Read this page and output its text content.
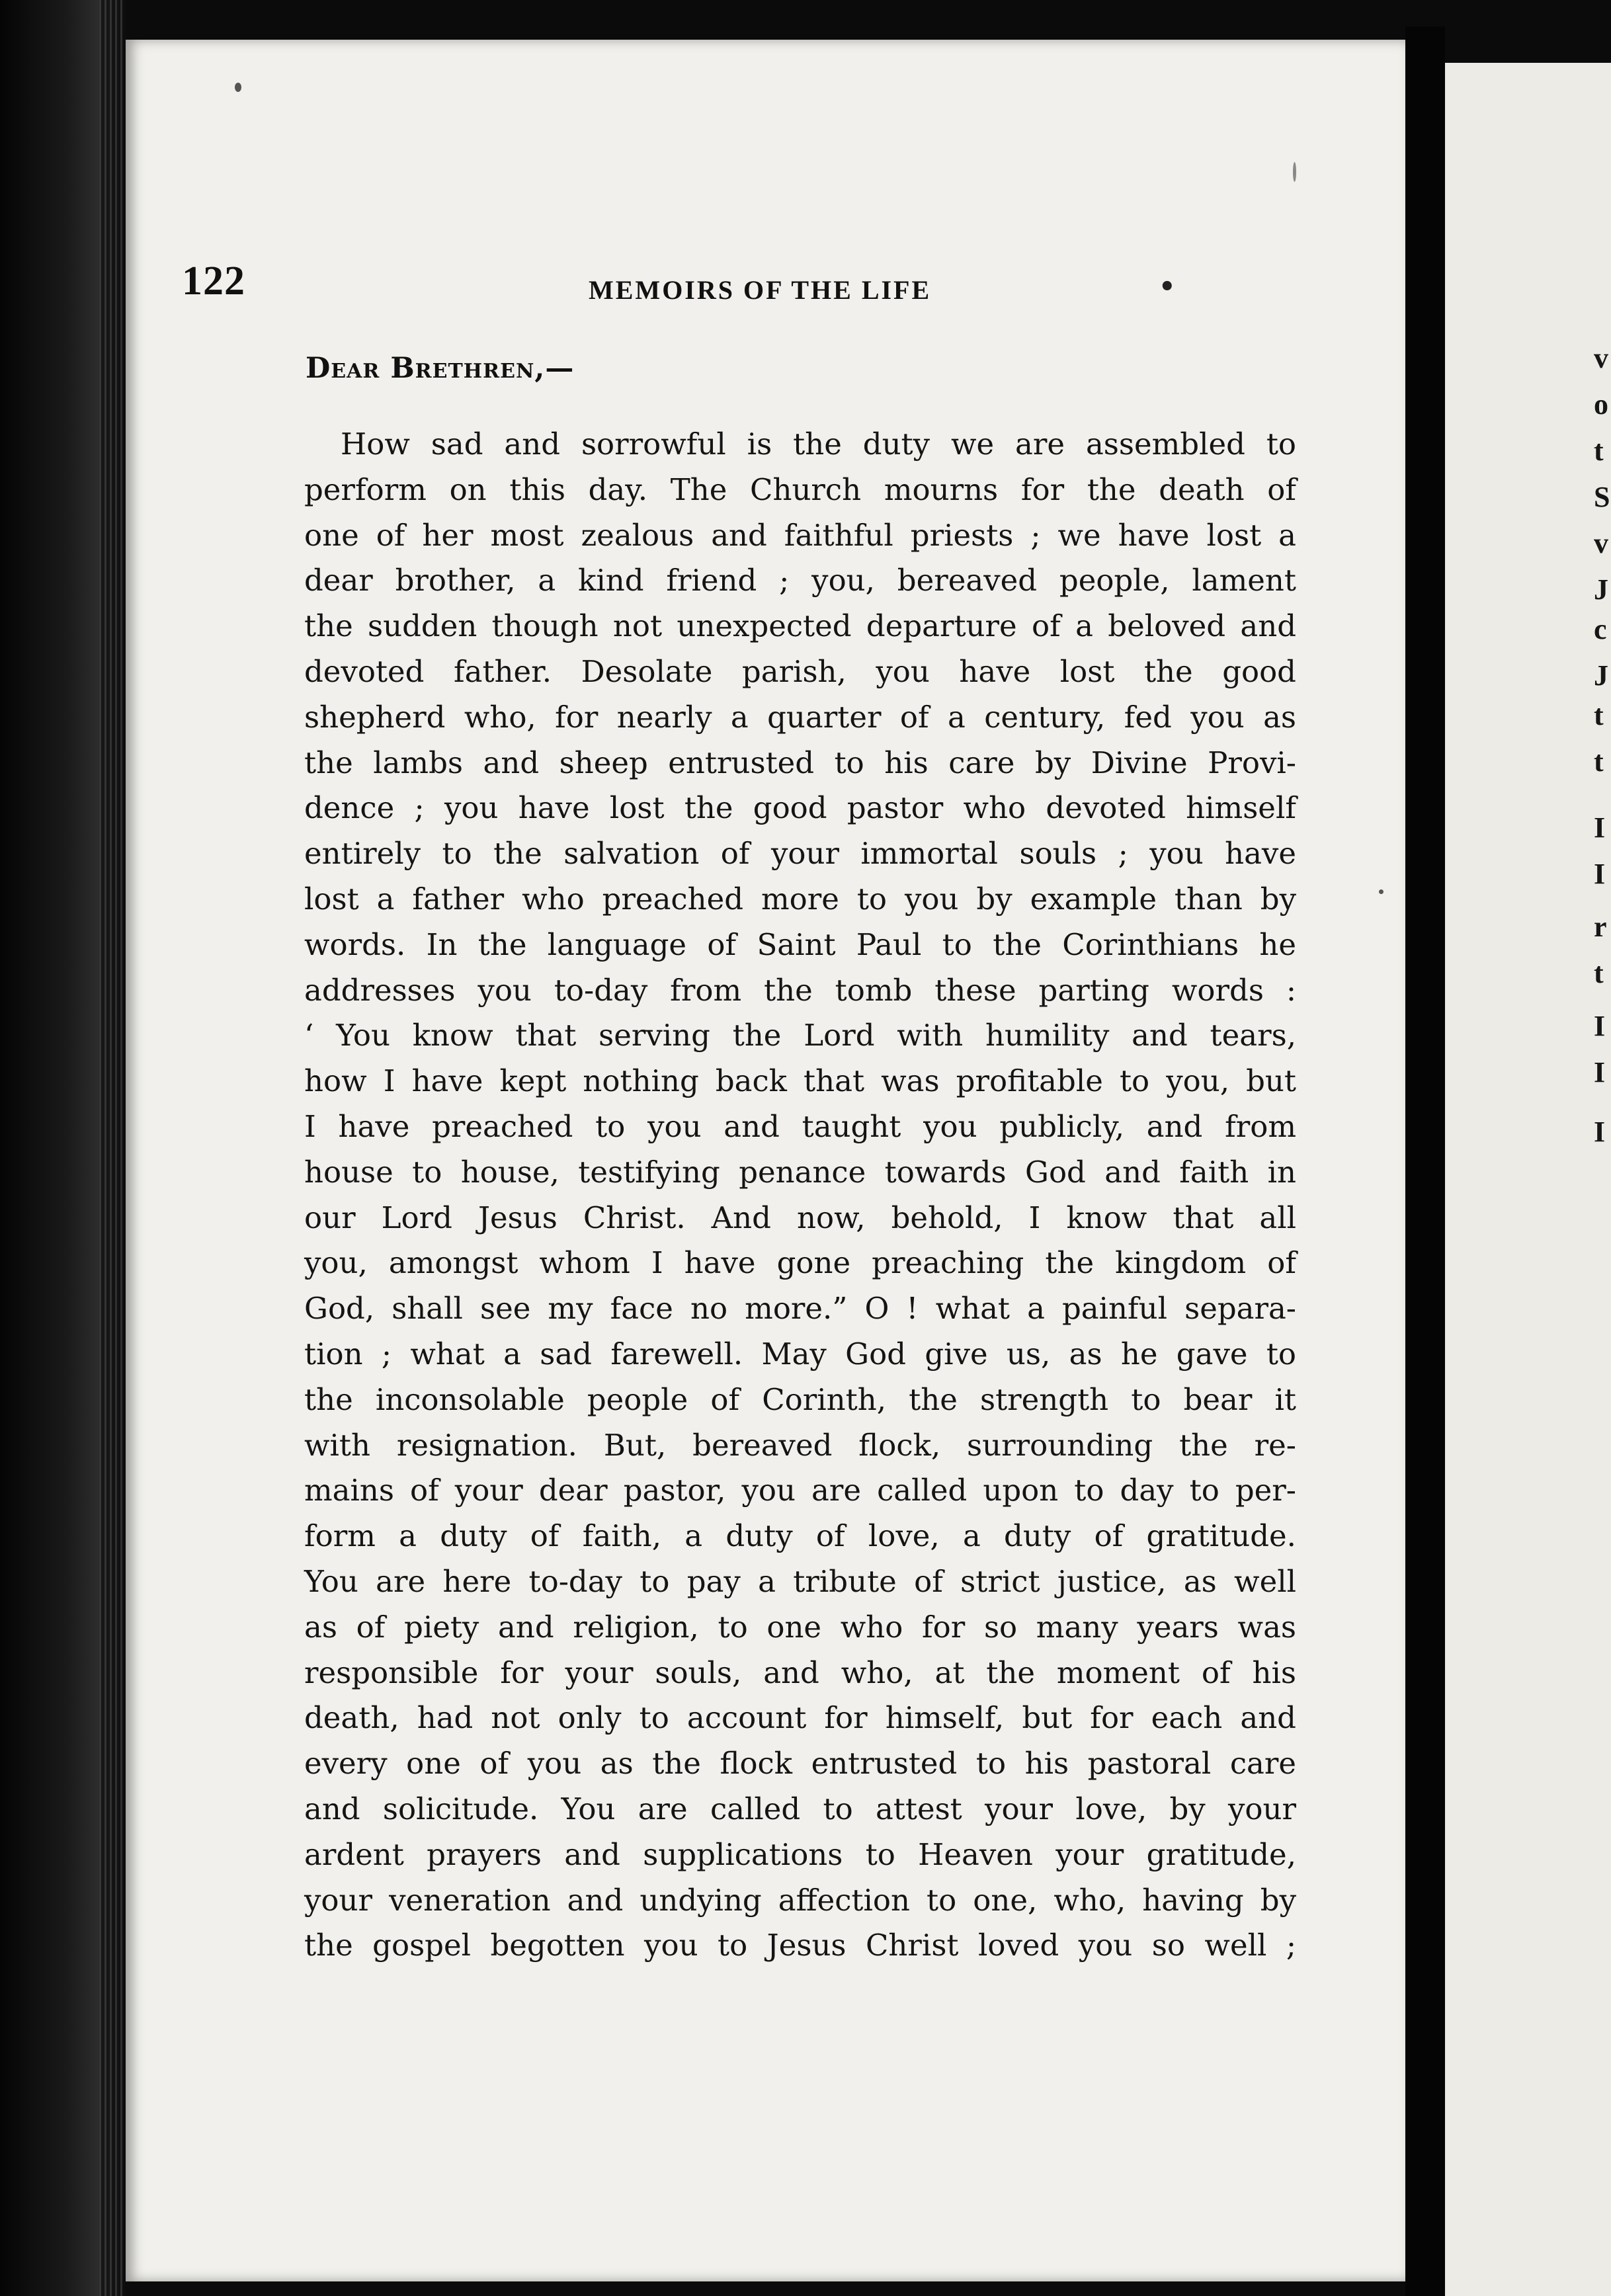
122	MEMOIRS OF THE LIFE	•
Dear Brethren,—
How sad and sorrowful is the duty we are assembled to
perform on this day. The Church mourns for the death of
one of her most zealous and faithful priests ; we have lost a
dear brother, a kind friend ; you, bereaved people, lament
the sudden though not unexpected departure of a beloved and
devoted father. Desolate parish, you have lost the good
shepherd who, for nearly a quarter of a century, fed you as
the lambs and sheep entrusted to his care by Divine Provi-
dence ; you have lost the good pastor who devoted himself
entirely to the salvation of your immortal souls ; you have
lost a father who preached more to you by example than by
words. In the language of Saint Paul to the Corinthians he
addresses you to-day from the tomb these parting words :
‘ You know that serving the Lord with humility and tears,
how I have kept nothing back that was profitable to you, but
I have preached to you and taught you publicly, and from
house to house, testifying penance towards God and faith in
our Lord Jesus Christ. And now, behold, I know that all
you, amongst whom I have gone preaching the kingdom of
God, shall see my face no more.” O ! what a painful separa-
tion ; what a sad farewell. May God give us, as he gave to
the inconsolable people of Corinth, the strength to bear it
with resignation. But, bereaved flock, surrounding the re-
mains of your dear pastor, you are called upon to day to per-
form a duty of faith, a duty of love, a duty of gratitude.
You are here to-day to pay a tribute of strict justice, as well
as of piety and religion, to one who for so many years was
responsible for your souls, and who, at the moment of his
death, had not only to account for himself, but for each and
every one of you as the flock entrusted to his pastoral care
and solicitude. You are called to attest your love, by your
ardent prayers and supplications to Heaven your gratitude,
your veneration and undying affection to one, who, having by
the gospel begotten you to Jesus Christ loved you so well ;
v
o
t
S
v
J
c
J
t
t
I
I
r
t
I
I
I
